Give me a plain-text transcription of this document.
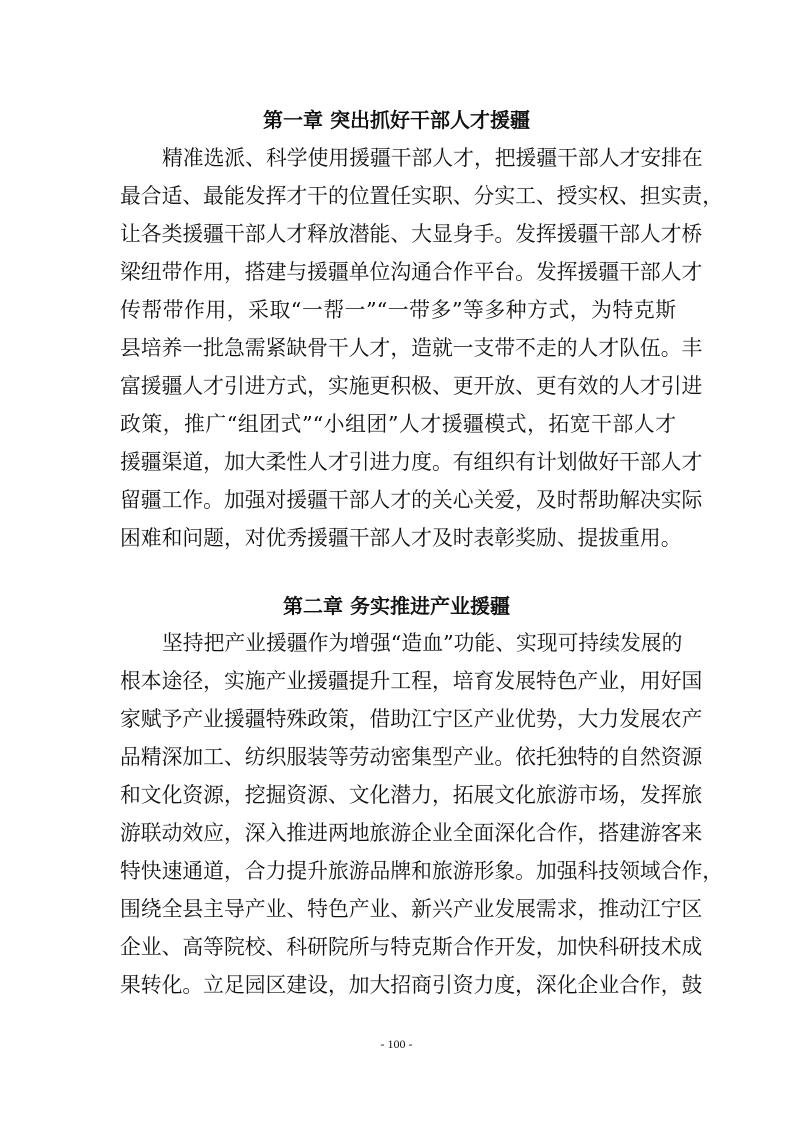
第一章 突出抓好干部人才援疆
精准选派、科学使用援疆干部人才，把援疆干部人才安排在
最合适、最能发挥才干的位置任实职、分实工、授实权、担实责，
让各类援疆干部人才释放潜能、大显身手。发挥援疆干部人才桥
梁纽带作用，搭建与援疆单位沟通合作平台。发挥援疆干部人才
传帮带作用，采取“一帮一”“一带多”等多种方式，为特克斯
县培养一批急需紧缺骨干人才，造就一支带不走的人才队伍。丰
富援疆人才引进方式，实施更积极、更开放、更有效的人才引进
政策，推广“组团式”“小组团”人才援疆模式，拓宽干部人才
援疆渠道，加大柔性人才引进力度。有组织有计划做好干部人才
留疆工作。加强对援疆干部人才的关心关爱，及时帮助解决实际
困难和问题，对优秀援疆干部人才及时表彰奖励、提拔重用。
第二章 务实推进产业援疆
坚持把产业援疆作为增强“造血”功能、实现可持续发展的
根本途径，实施产业援疆提升工程，培育发展特色产业，用好国
家赋予产业援疆特殊政策，借助江宁区产业优势，大力发展农产
品精深加工、纺织服装等劳动密集型产业。依托独特的自然资源
和文化资源，挖掘资源、文化潜力，拓展文化旅游市场，发挥旅
游联动效应，深入推进两地旅游企业全面深化合作，搭建游客来
特快速通道，合力提升旅游品牌和旅游形象。加强科技领域合作，
围绕全县主导产业、特色产业、新兴产业发展需求，推动江宁区
企业、高等院校、科研院所与特克斯合作开发，加快科研技术成
果转化。立足园区建设，加大招商引资力度，深化企业合作，鼓
- 100 -
